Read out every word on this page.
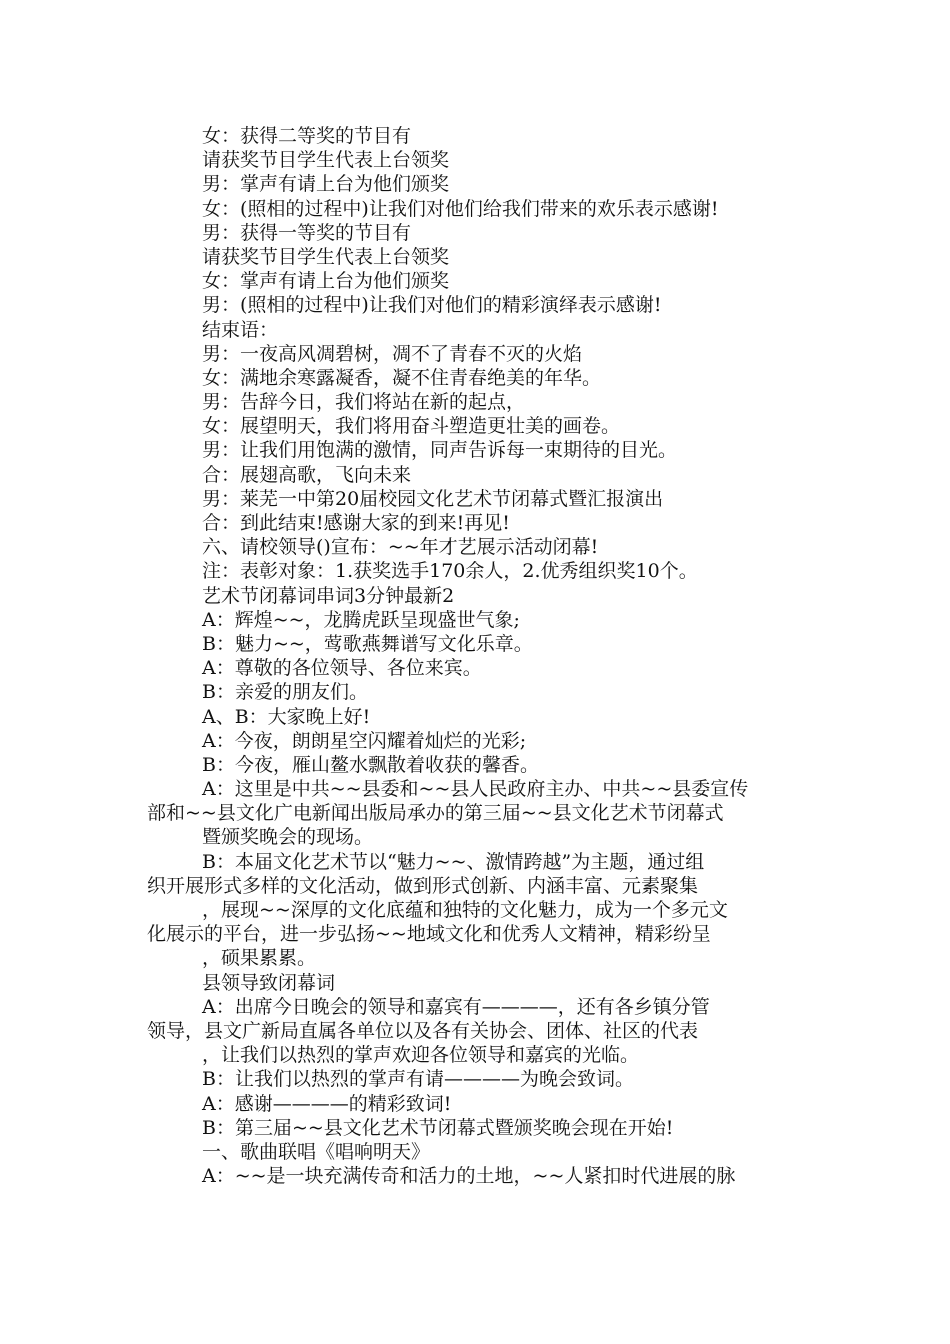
女：获得二等奖的节目有
请获奖节目学生代表上台领奖
男：掌声有请上台为他们颁奖
女：(照相的过程中)让我们对他们给我们带来的欢乐表示感谢!
男：获得一等奖的节目有
请获奖节目学生代表上台领奖
女：掌声有请上台为他们颁奖
男：(照相的过程中)让我们对他们的精彩演绎表示感谢!
结束语：
男：一夜高风凋碧树，凋不了青春不灭的火焰
女：满地余寒露凝香，凝不住青春绝美的年华。
男：告辞今日，我们将站在新的起点，
女：展望明天，我们将用奋斗塑造更壮美的画卷。
男：让我们用饱满的激情，同声告诉每一束期待的目光。
合：展翅高歌，飞向未来
男：莱芜一中第20届校园文化艺术节闭幕式暨汇报演出
合：到此结束!感谢大家的到来!再见!
六、请校领导()宣布：~~年才艺展示活动闭幕!
注：表彰对象：1.获奖选手170余人，2.优秀组织奖10个。
艺术节闭幕词串词3分钟最新2
A：辉煌~~，龙腾虎跃呈现盛世气象;
B：魅力~~，莺歌燕舞谱写文化乐章。
A：尊敬的各位领导、各位来宾。
B：亲爱的朋友们。
A、B：大家晚上好!
A：今夜，朗朗星空闪耀着灿烂的光彩;
B：今夜，雁山鳌水飘散着收获的馨香。
A：这里是中共~~县委和~~县人民政府主办、中共~~县委宣传
部和~~县文化广电新闻出版局承办的第三届~~县文化艺术节闭幕式
暨颁奖晚会的现场。
B：本届文化艺术节以“魅力~~、激情跨越”为主题，通过组
织开展形式多样的文化活动，做到形式创新、内涵丰富、元素聚集
，展现~~深厚的文化底蕴和独特的文化魅力，成为一个多元文
化展示的平台，进一步弘扬~~地域文化和优秀人文精神，精彩纷呈
，硕果累累。
县领导致闭幕词
A：出席今日晚会的领导和嘉宾有————，还有各乡镇分管
领导，县文广新局直属各单位以及各有关协会、团体、社区的代表
，让我们以热烈的掌声欢迎各位领导和嘉宾的光临。
B：让我们以热烈的掌声有请————为晚会致词。
A：感谢————的精彩致词!
B：第三届~~县文化艺术节闭幕式暨颁奖晚会现在开始!
一、歌曲联唱《唱响明天》
A：~~是一块充满传奇和活力的土地，~~人紧扣时代进展的脉
